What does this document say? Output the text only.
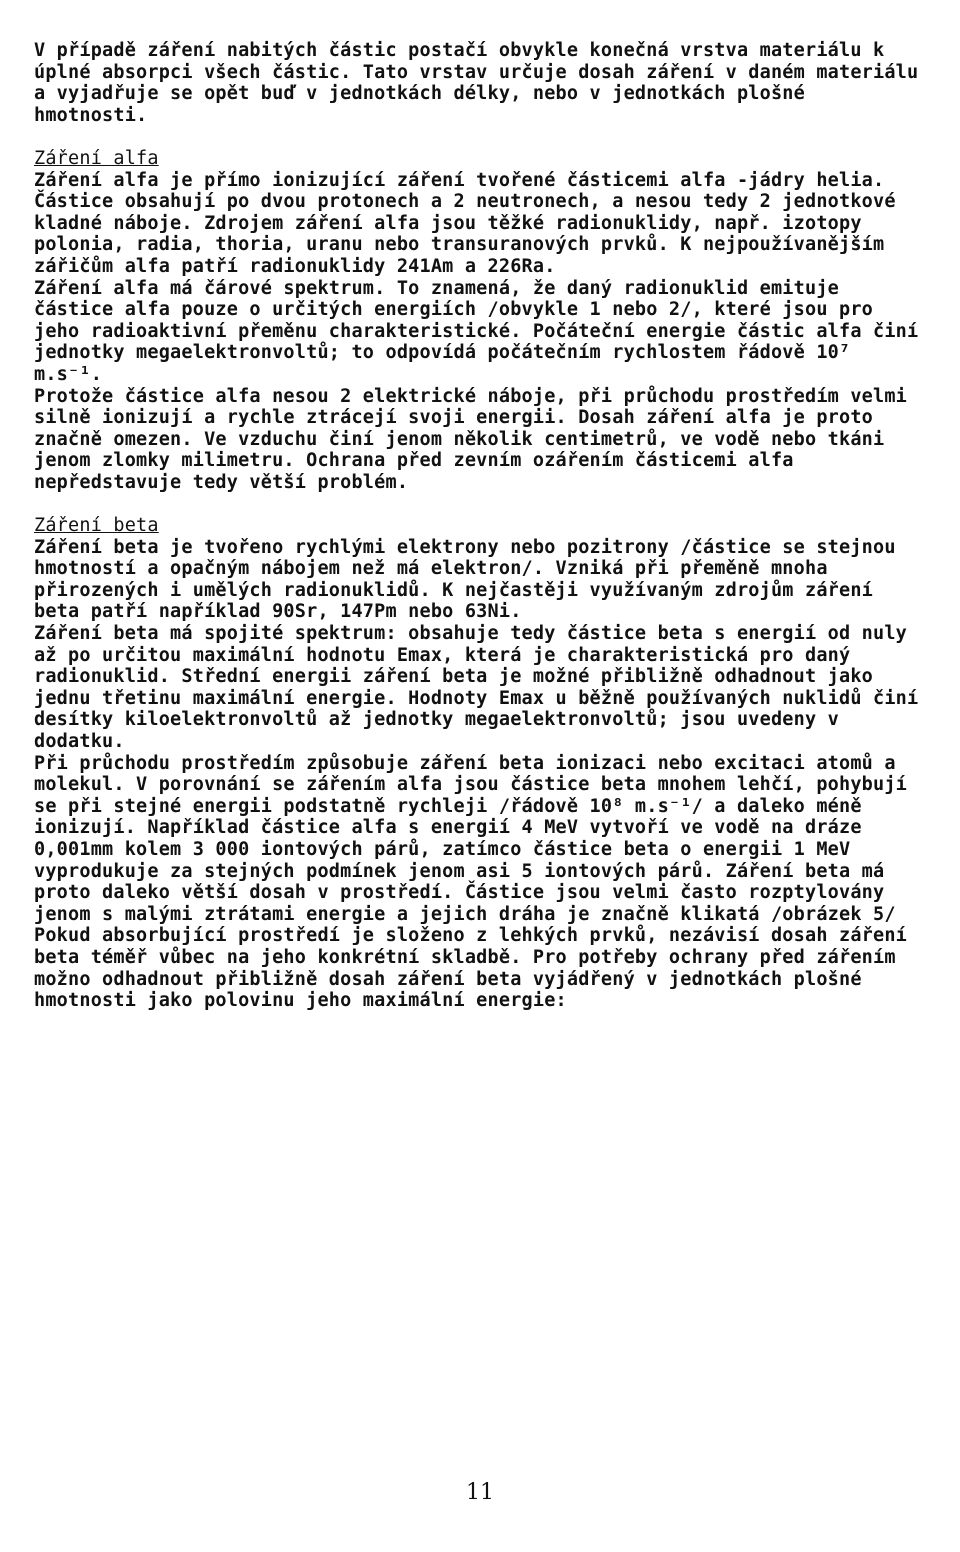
V případě záření nabitých částic postačí obvykle konečná vrstva materiálu k úplné absorpci všech částic. Tato vrstav určuje dosah záření v daném materiálu a vyjadřuje se opět buď v jednotkách délky, nebo v jednotkách plošné hmotnosti.

Záření alfa

Záření alfa je přímo ionizující záření tvořené částicemi alfa -jádry helia. Částice obsahují po dvou protonech a 2 neutronech, a nesou tedy 2 jednotkové kladné náboje. Zdrojem záření alfa jsou těžké radionuklidy, např. izotopy polonia, radia, thoria, uranu nebo transuranových prvků. K nejpoužívanějším zářičům alfa patří radionuklidy 241Am a 226Ra.

Záření alfa má čárové spektrum. To znamená, že daný radionuklid emituje částice alfa pouze o určitých energiích /obvykle 1 nebo 2/, které jsou pro jeho radioaktivní přeměnu charakteristické. Počáteční energie částic alfa činí jednotky megaelektronvoltů; to odpovídá počátečním rychlostem řádově 10⁷ m.s⁻¹.

Protože částice alfa nesou 2 elektrické náboje, při průchodu prostředím velmi silně ionizují a rychle ztrácejí svoji energii. Dosah záření alfa je proto značně omezen. Ve vzduchu činí jenom několik centimetrů, ve vodě nebo tkáni jenom zlomky milimetru. Ochrana před zevním ozářením částicemi alfa nepředstavuje tedy větší problém.

Záření beta

Záření beta je tvořeno rychlými elektrony nebo pozitrony /částice se stejnou hmotností a opačným nábojem než má elektron/. Vzniká při přeměně mnoha přirozených i umělých radionuklidů. K nejčastěji využívaným zdrojům záření beta patří například 90Sr, 147Pm nebo 63Ni.

Záření beta má spojité spektrum: obsahuje tedy částice beta s energií od nuly až po určitou maximální hodnotu Emax, která je charakteristická pro daný radionuklid. Střední energii záření beta je možné přibližně odhadnout jako jednu třetinu maximální energie. Hodnoty Emax u běžně používaných nuklidů činí desítky kiloelektronvoltů až jednotky megaelektronvoltů; jsou uvedeny v dodatku.

Při průchodu prostředím způsobuje záření beta ionizaci nebo excitaci atomů a molekul. V porovnání se zářením alfa jsou částice beta mnohem lehčí, pohybují se při stejné energii podstatně rychleji /řádově 10⁸ m.s⁻¹/ a daleko méně ionizují. Například částice alfa s energií 4 MeV vytvoří ve vodě na dráze 0,001mm kolem 3 000 iontových párů, zatímco částice beta o energii 1 MeV vyprodukuje za stejných podmínek jenom asi 5 iontových párů. Záření beta má proto daleko větší dosah v prostředí. Částice jsou velmi často rozptylovány jenom s malými ztrátami energie a jejich dráha je značně klikatá /obrázek 5/

Pokud absorbující prostředí je složeno z lehkých prvků, nezávisí dosah záření beta téměř vůbec na jeho konkrétní skladbě. Pro potřeby ochrany před zářením možno odhadnout přibližně dosah záření beta vyjádřený v jednotkách plošné hmotnosti jako polovinu jeho maximální energie:

11
